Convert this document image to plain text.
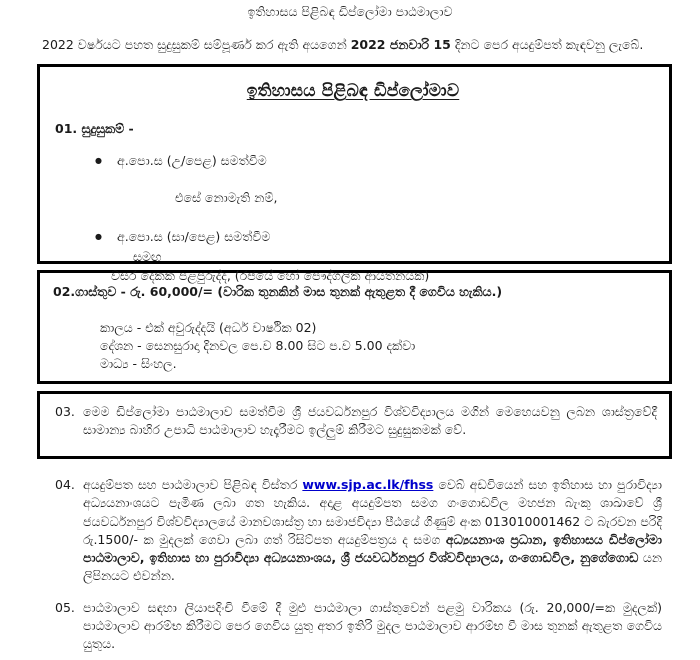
ඉතිහාසය පිළිබඳ ඩිප්ලෝමා පාඨමාලාව

2022 වර්ෂයට පහත සුදුසුකම් සම්පූර්ණ කර ඇති අයගෙන් 2022 ජනවාරි 15 දිනට පෙර අයදුම්පත් කැඳවනු ලැබේ.

ඉතිහාසය පිළිබඳ ඩිප්ලෝමාව
01. සුදුසුකම් -
●
අ.පො.ස (උ/පෙළ) සමත්වීම
එසේ නොමැති නම්,
●
අ.පො.ස (සා/පෙළ) සමත්වීම
සමඟ
වසර දෙකක පළපුරුද්ද, (රජයේ හෝ පෞද්ගලික ආයතනයක)
02.ගාස්තුව - රු. 60,000/= (වාරික තුනකින් මාස තුනක් ඇතුළත දී ගෙවිය හැකිය.)
කාලය - එක් අවුරුද්දයි (අර්ධ වාර්ෂික 02)
දේශන - සෙනසුරාදා දිනවල පෙ.ව 8.00 සිට ප.ව 5.00 දක්වා
මාධ්‍ය - සිංහල.
03. මෙම ඩිප්ලෝමා පාඨමාලාව සමත්වීම ශ්‍රී ජයවර්ධනපුර විශ්වවිද්‍යාලය මගින් මෙහෙයවනු ලබන ශාස්ත්‍රවේදී සාමාන්‍ය බාහිර උපාධි පාඨමාලාව හැදෑරීමට ඉල්ලුම් කිරීමට සුදුසුකමක් වේ.
04. අයදුම්පත සහ පාඨමාලාව පිළිබඳ විස්තර www.sjp.ac.lk/fhss වෙබ් අඩවියෙන් සහ ඉතිහාස හා පුරාවිද්‍යා අධ්‍යයනාංශයට පැමිණ ලබා ගත හැකිය. අදාළ අයදුම්පත සමග ගංගොඩවිල මහජන බැංකු ශාඛාවේ ශ්‍රී ජයවර්ධනපුර විශ්වවිද්‍යාලයේ මානවශාස්ත්‍ර හා සමාජවිද්‍යා පීඨයේ ගිණුම් අංක 013010001462 ට බැරවන පරිදි රු.1500/- ක මුදලක් ගෙවා ලබා ගත් රිසිට්පත අයදුම්පත්‍රය ද සමග අධ්‍යයනාංශ ප්‍රධාන, ඉතිහාසය ඩිප්ලෝමා පාඨමාලාව, ඉතිහාස හා පුරාවිද්‍යා අධ්‍යයනාංශය, ශ්‍රී ජයවර්ධනපුර විශ්වවිද්‍යාලය, ගංගොඩවිල, නුගේගොඩ යන ලිපිනයට එවන්න.
05. පාඨමාලාව සඳහා ලියාපදිංචි වීමේ දී මුළු පාඨමාලා ගාස්තුවෙන් පළමු වාරිකය (රු. 20,000/=ක මුදලක්) පාඨමාලාව ආරම්භ කිරීමට පෙර ගෙවිය යුතු අතර ඉතිරි මුදල පාඨමාලාව ආරම්භ වී මාස තුනක් ඇතුළත ගෙවිය යුතුය.
